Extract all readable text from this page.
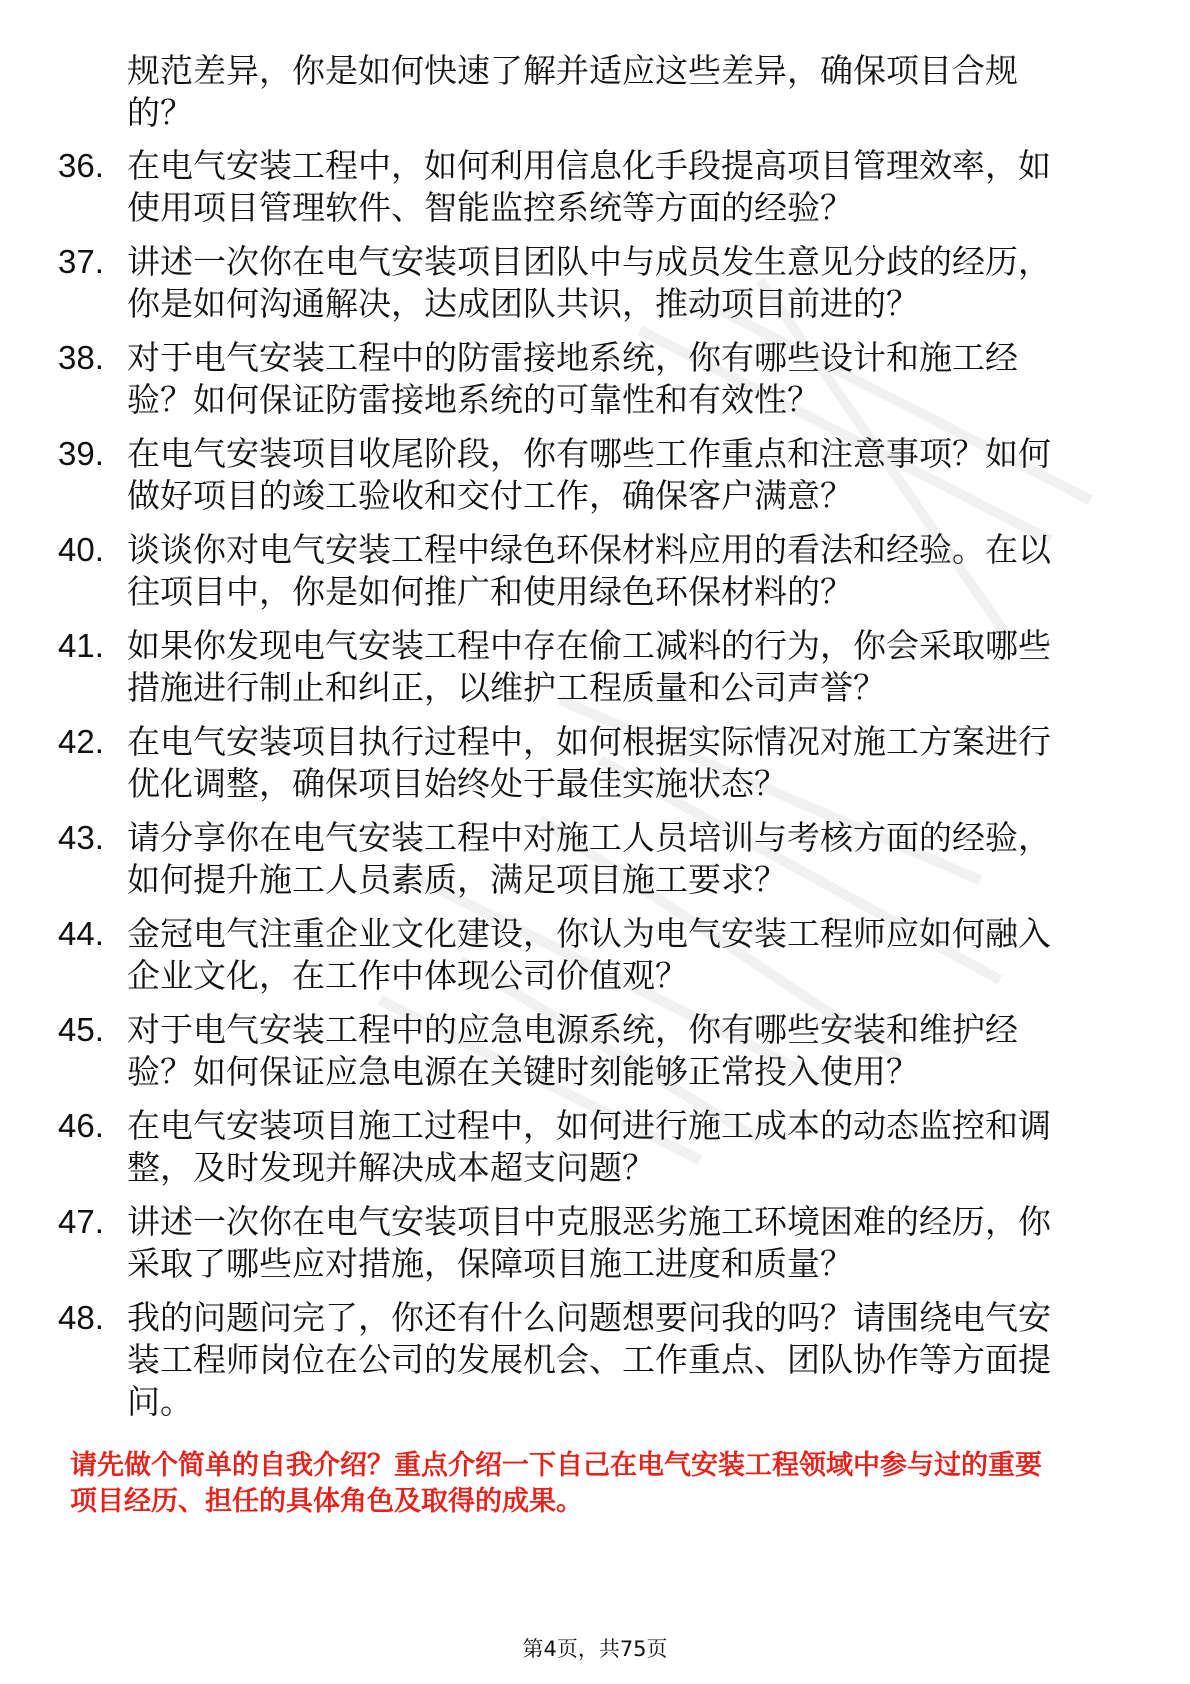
规范差异，你是如何快速了解并适应这些差异，确保项目合规
的？
36. 在电气安装工程中，如何利用信息化手段提高项目管理效率，如
使用项目管理软件、智能监控系统等方面的经验？
37. 讲述一次你在电气安装项目团队中与成员发生意见分歧的经历，
你是如何沟通解决，达成团队共识，推动项目前进的？
38. 对于电气安装工程中的防雷接地系统，你有哪些设计和施工经
验？如何保证防雷接地系统的可靠性和有效性？
39. 在电气安装项目收尾阶段，你有哪些工作重点和注意事项？如何
做好项目的竣工验收和交付工作，确保客户满意？
40. 谈谈你对电气安装工程中绿色环保材料应用的看法和经验。在以
往项目中，你是如何推广和使用绿色环保材料的？
41. 如果你发现电气安装工程中存在偷工减料的行为，你会采取哪些
措施进行制止和纠正，以维护工程质量和公司声誉？
42. 在电气安装项目执行过程中，如何根据实际情况对施工方案进行
优化调整，确保项目始终处于最佳实施状态？
43. 请分享你在电气安装工程中对施工人员培训与考核方面的经验，
如何提升施工人员素质，满足项目施工要求？
44. 金冠电气注重企业文化建设，你认为电气安装工程师应如何融入
企业文化，在工作中体现公司价值观？
45. 对于电气安装工程中的应急电源系统，你有哪些安装和维护经
验？如何保证应急电源在关键时刻能够正常投入使用？
46. 在电气安装项目施工过程中，如何进行施工成本的动态监控和调
整，及时发现并解决成本超支问题？
47. 讲述一次你在电气安装项目中克服恶劣施工环境困难的经历，你
采取了哪些应对措施，保障项目施工进度和质量？
48. 我的问题问完了，你还有什么问题想要问我的吗？请围绕电气安
装工程师岗位在公司的发展机会、工作重点、团队协作等方面提
问。
请先做个简单的自我介绍？重点介绍一下自己在电气安装工程领域中参与过的重要
项目经历、担任的具体角色及取得的成果。
第4页，共75页
